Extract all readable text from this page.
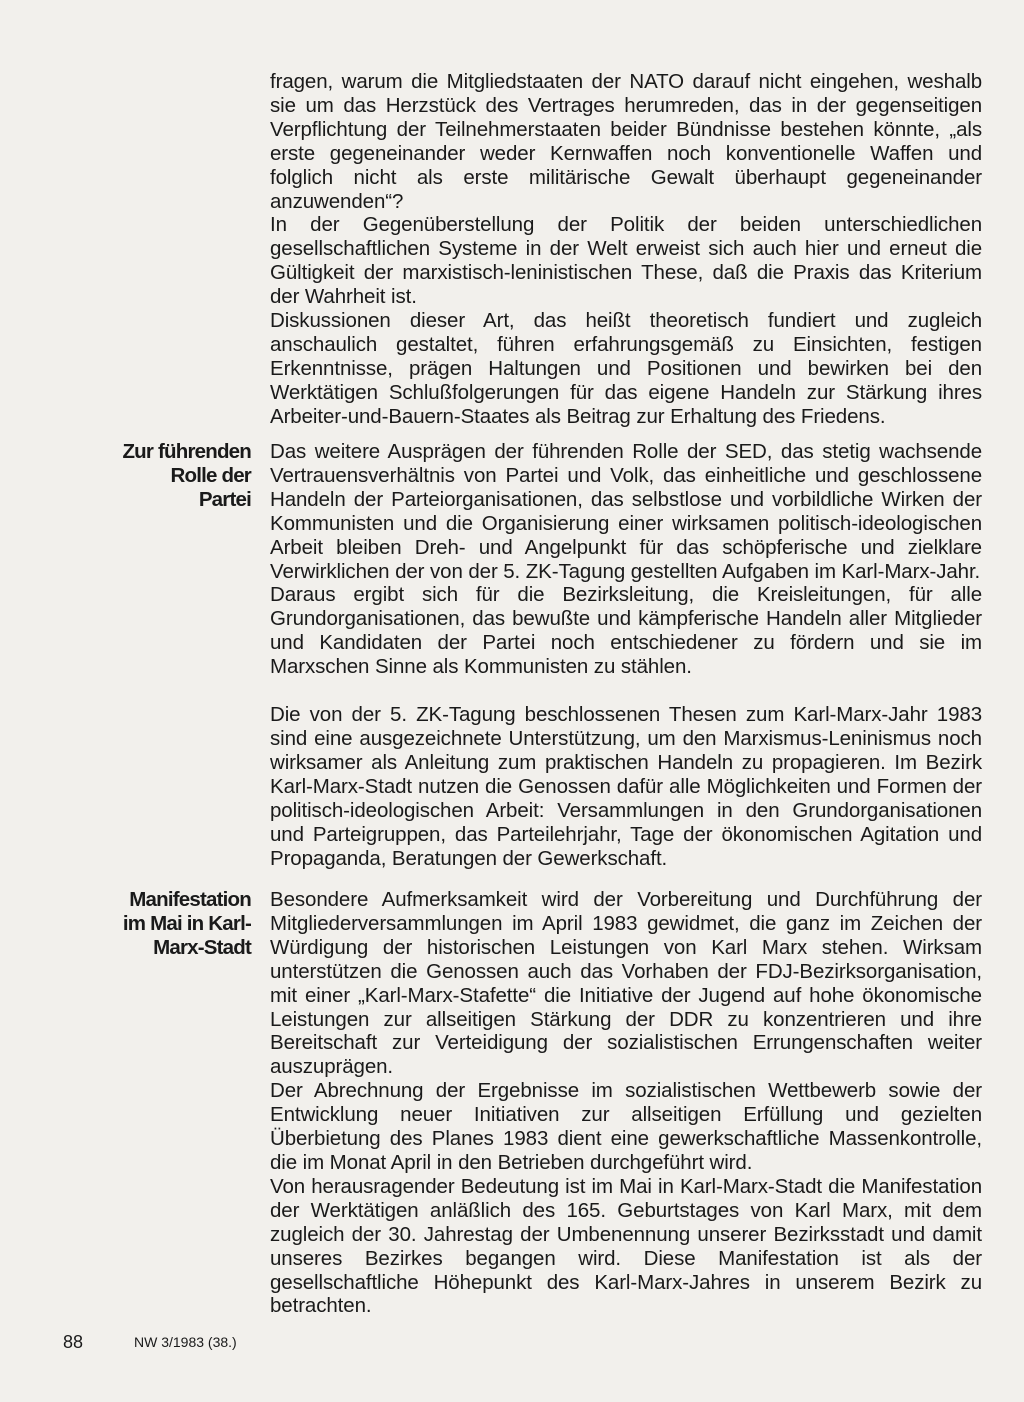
fragen, warum die Mitgliedstaaten der NATO darauf nicht eingehen, weshalb sie um das Herzstück des Vertrages herumreden, das in der gegenseitigen Verpflichtung der Teilnehmerstaaten beider Bündnisse bestehen könnte, „als erste gegeneinander weder Kernwaffen noch konventionelle Waffen und folglich nicht als erste militärische Gewalt überhaupt gegeneinander anzuwenden“?

In der Gegenüberstellung der Politik der beiden unterschiedlichen gesellschaftlichen Systeme in der Welt erweist sich auch hier und erneut die Gültigkeit der marxistisch-leninistischen These, daß die Praxis das Kriterium der Wahrheit ist.

Diskussionen dieser Art, das heißt theoretisch fundiert und zugleich anschaulich gestaltet, führen erfahrungsgemäß zu Einsichten, festigen Erkenntnisse, prägen Haltungen und Positionen und bewirken bei den Werktätigen Schlußfolgerungen für das eigene Handeln zur Stärkung ihres Arbeiter-und-Bauern-Staates als Beitrag zur Erhaltung des Friedens.

Zur führenden
Rolle der
Partei

Das weitere Ausprägen der führenden Rolle der SED, das stetig wachsende Vertrauensverhältnis von Partei und Volk, das einheitliche und geschlossene Handeln der Parteiorganisationen, das selbstlose und vorbildliche Wirken der Kommunisten und die Organisierung einer wirksamen politisch-ideologischen Arbeit bleiben Dreh- und Angelpunkt für das schöpferische und zielklare Verwirklichen der von der 5. ZK-Tagung gestellten Aufgaben im Karl-Marx-Jahr.

Daraus ergibt sich für die Bezirksleitung, die Kreisleitungen, für alle Grundorganisationen, das bewußte und kämpferische Handeln aller Mitglieder und Kandidaten der Partei noch entschiedener zu fördern und sie im Marxschen Sinne als Kommunisten zu stählen.

Die von der 5. ZK-Tagung beschlossenen Thesen zum Karl-Marx-Jahr 1983 sind eine ausgezeichnete Unterstützung, um den Marxismus-Leninismus noch wirksamer als Anleitung zum praktischen Handeln zu propagieren. Im Bezirk Karl-Marx-Stadt nutzen die Genossen dafür alle Möglichkeiten und Formen der politisch-ideologischen Arbeit: Versammlungen in den Grundorganisationen und Parteigruppen, das Parteilehrjahr, Tage der ökonomischen Agitation und Propaganda, Beratungen der Gewerkschaft.

Manifestation
im Mai in Karl-
Marx-Stadt

Besondere Aufmerksamkeit wird der Vorbereitung und Durchführung der Mitgliederversammlungen im April 1983 gewidmet, die ganz im Zeichen der Würdigung der historischen Leistungen von Karl Marx stehen. Wirksam unterstützen die Genossen auch das Vorhaben der FDJ-Bezirksorganisation, mit einer „Karl-Marx-Stafette“ die Initiative der Jugend auf hohe ökonomische Leistungen zur allseitigen Stärkung der DDR zu konzentrieren und ihre Bereitschaft zur Verteidigung der sozialistischen Errungenschaften weiter auszuprägen.

Der Abrechnung der Ergebnisse im sozialistischen Wettbewerb sowie der Entwicklung neuer Initiativen zur allseitigen Erfüllung und gezielten Überbietung des Planes 1983 dient eine gewerkschaftliche Massenkontrolle, die im Monat April in den Betrieben durchgeführt wird.

Von herausragender Bedeutung ist im Mai in Karl-Marx-Stadt die Manifestation der Werktätigen anläßlich des 165. Geburtstages von Karl Marx, mit dem zugleich der 30. Jahrestag der Umbenennung unserer Bezirksstadt und damit unseres Bezirkes begangen wird. Diese Manifestation ist als der gesellschaftliche Höhepunkt des Karl-Marx-Jahres in unserem Bezirk zu betrachten.

88	NW 3/1983 (38.)
